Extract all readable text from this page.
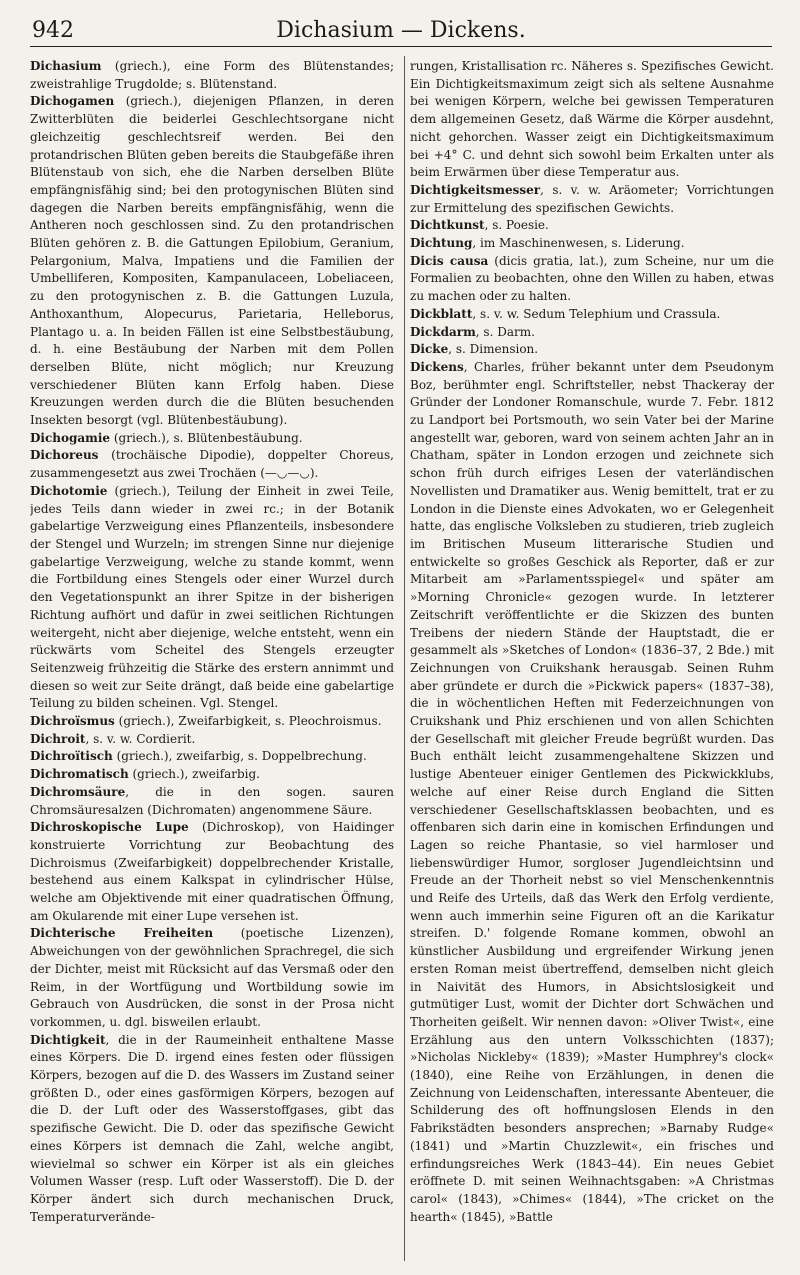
942	Dichasium — Dickens.

Dichasium (griech.), eine Form des Blütenstandes; zweistrahlige Trugdolde; s. Blütenstand.

Dichogamen (griech.), diejenigen Pflanzen, in deren Zwitterblüten die beiderlei Geschlechtsorgane nicht gleichzeitig geschlechtsreif werden. Bei den protandrischen Blüten geben bereits die Staubgefäße ihren Blütenstaub von sich, ehe die Narben derselben Blüte empfängnisfähig sind; bei den protogynischen Blüten sind dagegen die Narben bereits empfängnisfähig, wenn die Antheren noch geschlossen sind. Zu den protandrischen Blüten gehören z. B. die Gattungen Epilobium, Geranium, Pelargonium, Malva, Impatiens und die Familien der Umbelliferen, Kompositen, Kampanulaceen, Lobeliaceen, zu den protogynischen z. B. die Gattungen Luzula, Anthoxanthum, Alopecurus, Parietaria, Helleborus, Plantago u. a. In beiden Fällen ist eine Selbstbestäubung, d. h. eine Bestäubung der Narben mit dem Pollen derselben Blüte, nicht möglich; nur Kreuzung verschiedener Blüten kann Erfolg haben. Diese Kreuzungen werden durch die die Blüten besuchenden Insekten besorgt (vgl. Blütenbestäubung).

Dichogamie (griech.), s. Blütenbestäubung.

Dichoreus (trochäische Dipodie), doppelter Choreus, zusammengesetzt aus zwei Trochäen (—◡—◡).

Dichotomie (griech.), Teilung der Einheit in zwei Teile, jedes Teils dann wieder in zwei rc.; in der Botanik gabelartige Verzweigung eines Pflanzenteils, insbesondere der Stengel und Wurzeln; im strengen Sinne nur diejenige gabelartige Verzweigung, welche zu stande kommt, wenn die Fortbildung eines Stengels oder einer Wurzel durch den Vegetationspunkt an ihrer Spitze in der bisherigen Richtung aufhört und dafür in zwei seitlichen Richtungen weitergeht, nicht aber diejenige, welche entsteht, wenn ein rückwärts vom Scheitel des Stengels erzeugter Seitenzweig frühzeitig die Stärke des erstern annimmt und diesen so weit zur Seite drängt, daß beide eine gabelartige Teilung zu bilden scheinen. Vgl. Stengel.

Dichroïsmus (griech.), Zweifarbigkeit, s. Pleochroismus.

Dichroit, s. v. w. Cordierit.

Dichroïtisch (griech.), zweifarbig, s. Doppelbrechung.

Dichromatisch (griech.), zweifarbig.

Dichromsäure, die in den sogen. sauren Chromsäuresalzen (Dichromaten) angenommene Säure.

Dichroskopische Lupe (Dichroskop), von Haidinger konstruierte Vorrichtung zur Beobachtung des Dichroismus (Zweifarbigkeit) doppelbrechender Kristalle, bestehend aus einem Kalkspat in cylindrischer Hülse, welche am Objektivende mit einer quadratischen Öffnung, am Okularende mit einer Lupe versehen ist.

Dichterische Freiheiten (poetische Lizenzen), Abweichungen von der gewöhnlichen Sprachregel, die sich der Dichter, meist mit Rücksicht auf das Versmaß oder den Reim, in der Wortfügung und Wortbildung sowie im Gebrauch von Ausdrücken, die sonst in der Prosa nicht vorkommen, u. dgl. bisweilen erlaubt.

Dichtigkeit, die in der Raumeinheit enthaltene Masse eines Körpers. Die D. irgend eines festen oder flüssigen Körpers, bezogen auf die D. des Wassers im Zustand seiner größten D., oder eines gasförmigen Körpers, bezogen auf die D. der Luft oder des Wasserstoffgases, gibt das spezifische Gewicht. Die D. oder das spezifische Gewicht eines Körpers ist demnach die Zahl, welche angibt, wievielmal so schwer ein Körper ist als ein gleiches Volumen Wasser (resp. Luft oder Wasserstoff). Die D. der Körper ändert sich durch mechanischen Druck, Temperaturverände-

rungen, Kristallisation rc. Näheres s. Spezifisches Gewicht. Ein Dichtigkeitsmaximum zeigt sich als seltene Ausnahme bei wenigen Körpern, welche bei gewissen Temperaturen dem allgemeinen Gesetz, daß Wärme die Körper ausdehnt, nicht gehorchen. Wasser zeigt ein Dichtigkeitsmaximum bei +4° C. und dehnt sich sowohl beim Erkalten unter als beim Erwärmen über diese Temperatur aus.

Dichtigkeitsmesser, s. v. w. Aräometer; Vorrichtungen zur Ermittelung des spezifischen Gewichts.

Dichtkunst, s. Poesie.

Dichtung, im Maschinenwesen, s. Liderung.

Dicis causa (dicis gratia, lat.), zum Scheine, nur um die Formalien zu beobachten, ohne den Willen zu haben, etwas zu machen oder zu halten.

Dickblatt, s. v. w. Sedum Telephium und Crassula.

Dickdarm, s. Darm.

Dicke, s. Dimension.

Dickens, Charles, früher bekannt unter dem Pseudonym Boz, berühmter engl. Schriftsteller, nebst Thackeray der Gründer der Londoner Romanschule, wurde 7. Febr. 1812 zu Landport bei Portsmouth, wo sein Vater bei der Marine angestellt war, geboren, ward von seinem achten Jahr an in Chatham, später in London erzogen und zeichnete sich schon früh durch eifriges Lesen der vaterländischen Novellisten und Dramatiker aus. Wenig bemittelt, trat er zu London in die Dienste eines Advokaten, wo er Gelegenheit hatte, das englische Volksleben zu studieren, trieb zugleich im Britischen Museum litterarische Studien und entwickelte so großes Geschick als Reporter, daß er zur Mitarbeit am »Parlamentsspiegel« und später am »Morning Chronicle« gezogen wurde. In letzterer Zeitschrift veröffentlichte er die Skizzen des bunten Treibens der niedern Stände der Hauptstadt, die er gesammelt als »Sketches of London« (1836–37, 2 Bde.) mit Zeichnungen von Cruikshank herausgab. Seinen Ruhm aber gründete er durch die »Pickwick papers« (1837–38), die in wöchentlichen Heften mit Federzeichnungen von Cruikshank und Phiz erschienen und von allen Schichten der Gesellschaft mit gleicher Freude begrüßt wurden. Das Buch enthält leicht zusammengehaltene Skizzen und lustige Abenteuer einiger Gentlemen des Pickwickklubs, welche auf einer Reise durch England die Sitten verschiedener Gesellschaftsklassen beobachten, und es offenbaren sich darin eine in komischen Erfindungen und Lagen so reiche Phantasie, so viel harmloser und liebenswürdiger Humor, sorgloser Jugendleichtsinn und Freude an der Thorheit nebst so viel Menschenkenntnis und Reife des Urteils, daß das Werk den Erfolg verdiente, wenn auch immerhin seine Figuren oft an die Karikatur streifen. D.' folgende Romane kommen, obwohl an künstlicher Ausbildung und ergreifender Wirkung jenen ersten Roman meist übertreffend, demselben nicht gleich in Naivität des Humors, in Absichtslosigkeit und gutmütiger Lust, womit der Dichter dort Schwächen und Thorheiten geißelt. Wir nennen davon: »Oliver Twist«, eine Erzählung aus den untern Volksschichten (1837); »Nicholas Nickleby« (1839); »Master Humphrey's clock« (1840), eine Reihe von Erzählungen, in denen die Zeichnung von Leidenschaften, interessante Abenteuer, die Schilderung des oft hoffnungslosen Elends in den Fabrikstädten besonders ansprechen; »Barnaby Rudge« (1841) und »Martin Chuzzlewit«, ein frisches und erfindungsreiches Werk (1843–44). Ein neues Gebiet eröffnete D. mit seinen Weihnachtsgaben: »A Christmas carol« (1843), »Chimes« (1844), »The cricket on the hearth« (1845), »Battle
